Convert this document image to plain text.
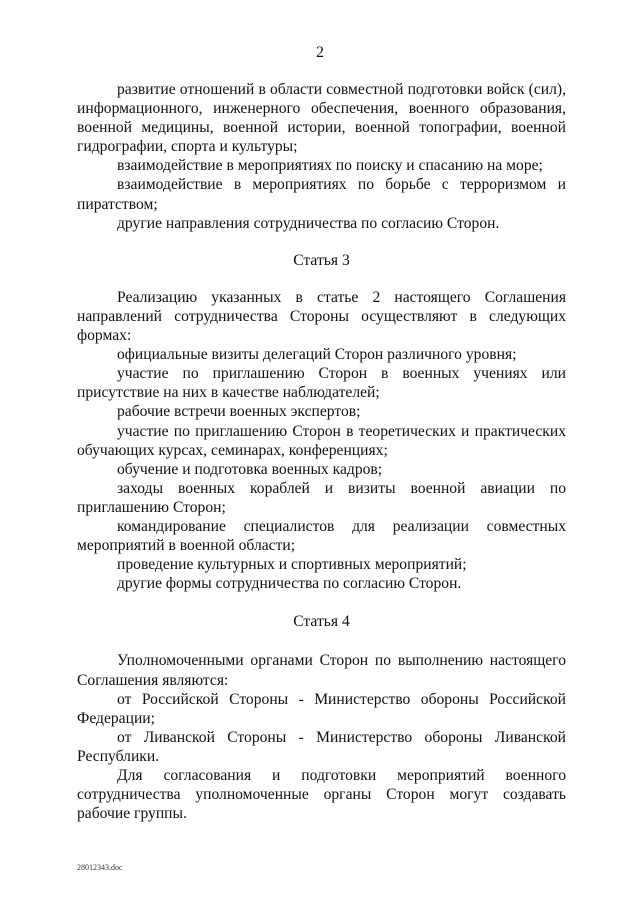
2

развитие отношений в области совместной подготовки войск (сил), информационного, инженерного обеспечения, военного образования, военной медицины, военной истории, военной топографии, военной гидрографии, спорта и культуры;

взаимодействие в мероприятиях по поиску и спасанию на море;

взаимодействие в мероприятиях по борьбе с терроризмом и пиратством;

другие направления сотрудничества по согласию Сторон.

Статья 3

Реализацию указанных в статье 2 настоящего Соглашения направлений сотрудничества Стороны осуществляют в следующих формах:

официальные визиты делегаций Сторон различного уровня;

участие по приглашению Сторон в военных учениях или присутствие на них в качестве наблюдателей;

рабочие встречи военных экспертов;

участие по приглашению Сторон в теоретических и практических обучающих курсах, семинарах, конференциях;

обучение и подготовка военных кадров;

заходы военных кораблей и визиты военной авиации по приглашению Сторон;

командирование специалистов для реализации совместных мероприятий в военной области;

проведение культурных и спортивных мероприятий;

другие формы сотрудничества по согласию Сторон.

Статья 4

Уполномоченными органами Сторон по выполнению настоящего Соглашения являются:

от Российской Стороны - Министерство обороны Российской Федерации;

от Ливанской Стороны - Министерство обороны Ливанской Республики.

Для согласования и подготовки мероприятий военного сотрудничества уполномоченные органы Сторон могут создавать рабочие группы.

28012343.doc
